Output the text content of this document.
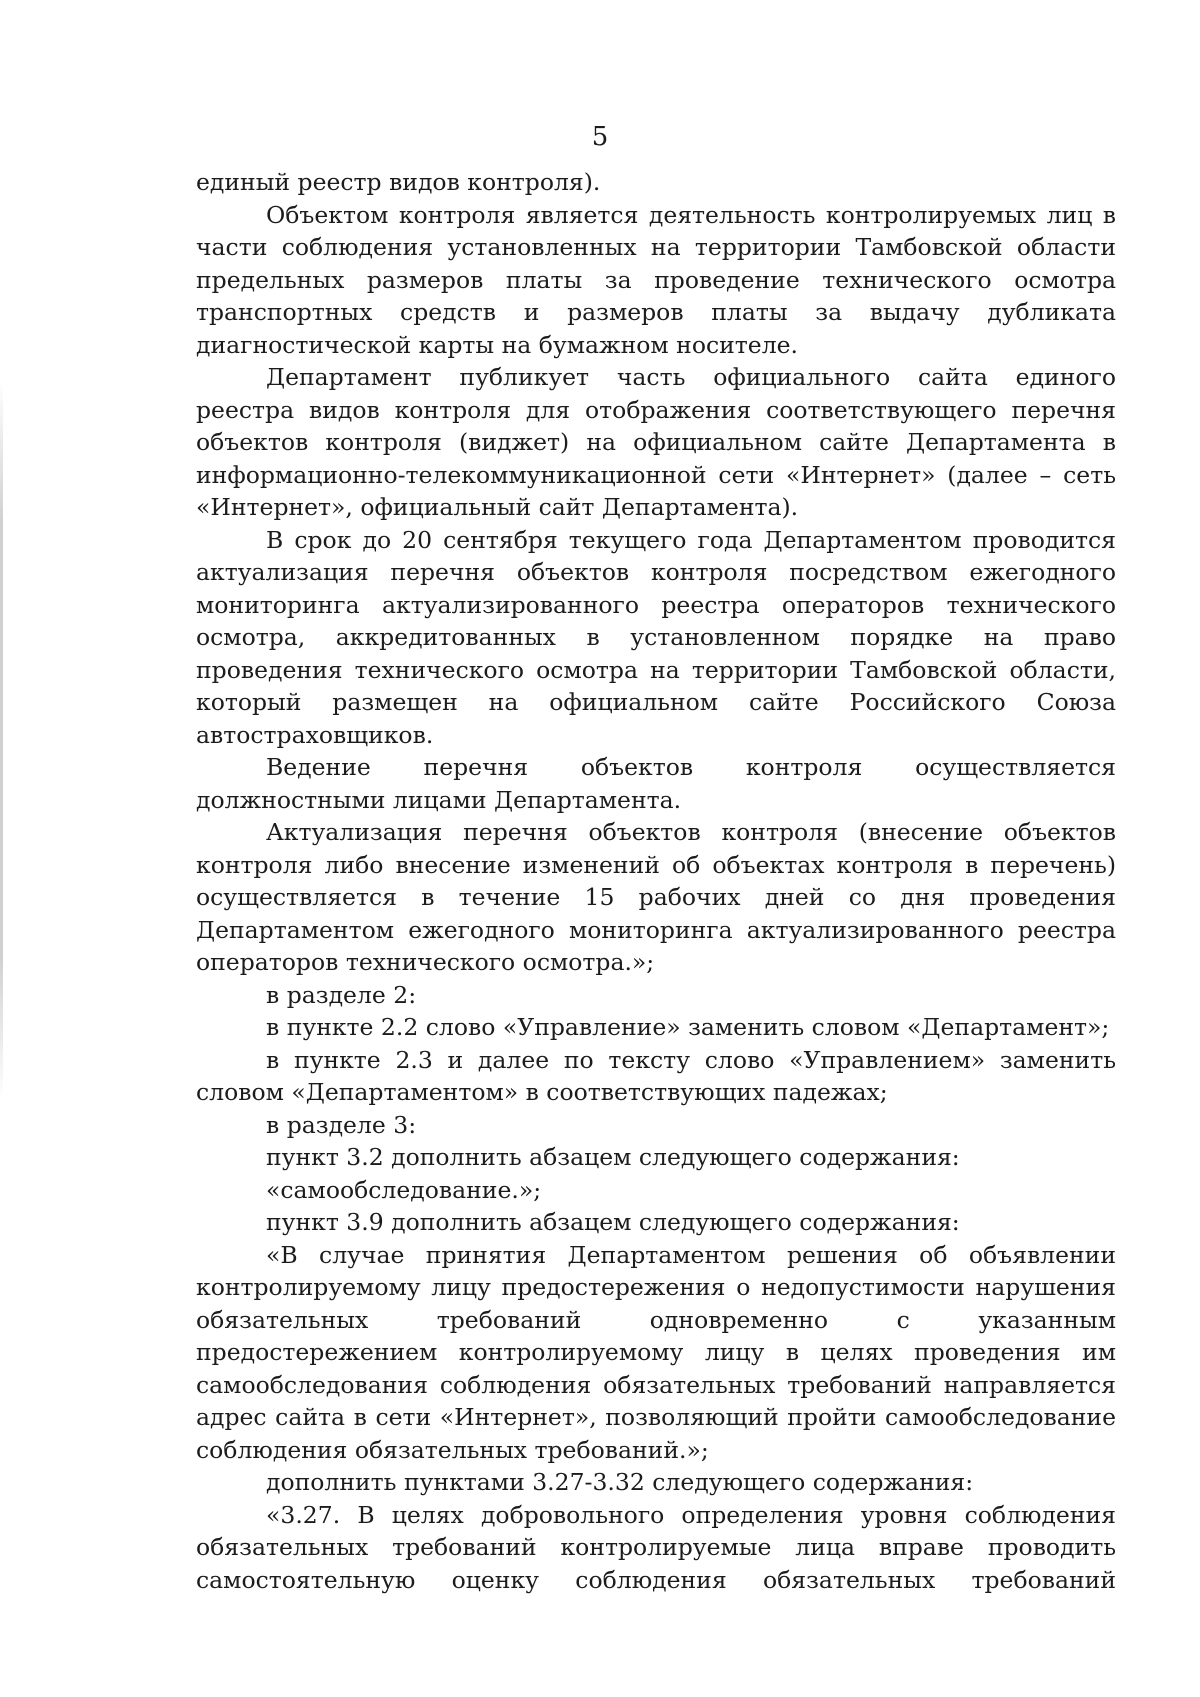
5

единый реестр видов контроля).

Объектом контроля является деятельность контролируемых лиц в части соблюдения установленных на территории Тамбовской области предельных размеров платы за проведение технического осмотра транспортных средств и размеров платы за выдачу дубликата диагностической карты на бумажном носителе.

Департамент публикует часть официального сайта единого реестра видов контроля для отображения соответствующего перечня объектов контроля (виджет) на официальном сайте Департамента в информационно-телекоммуникационной сети «Интернет» (далее – сеть «Интернет», официальный сайт Департамента).

В срок до 20 сентября текущего года Департаментом проводится актуализация перечня объектов контроля посредством ежегодного мониторинга актуализированного реестра операторов технического осмотра, аккредитованных в установленном порядке на право проведения технического осмотра на территории Тамбовской области, который размещен на официальном сайте Российского Союза автостраховщиков.

Ведение перечня объектов контроля осуществляется должностными лицами Департамента.

Актуализация перечня объектов контроля (внесение объектов контроля либо внесение изменений об объектах контроля в перечень) осуществляется в течение 15 рабочих дней со дня проведения Департаментом ежегодного мониторинга актуализированного реестра операторов технического осмотра.»;

в разделе 2:

в пункте 2.2 слово «Управление» заменить словом «Департамент»;

в пункте 2.3 и далее по тексту слово «Управлением» заменить словом «Департаментом» в соответствующих падежах;

в разделе 3:

пункт 3.2 дополнить абзацем следующего содержания:

«самообследование.»;

пункт 3.9 дополнить абзацем следующего содержания:

«В случае принятия Департаментом решения об объявлении контролируемому лицу предостережения о недопустимости нарушения обязательных требований одновременно с указанным предостережением контролируемому лицу в целях проведения им самообследования соблюдения обязательных требований направляется адрес сайта в сети «Интернет», позволяющий пройти самообследование соблюдения обязательных требований.»;

дополнить пунктами 3.27-3.32 следующего содержания:

«3.27. В целях добровольного определения уровня соблюдения обязательных требований контролируемые лица вправе проводить самостоятельную оценку соблюдения обязательных требований
